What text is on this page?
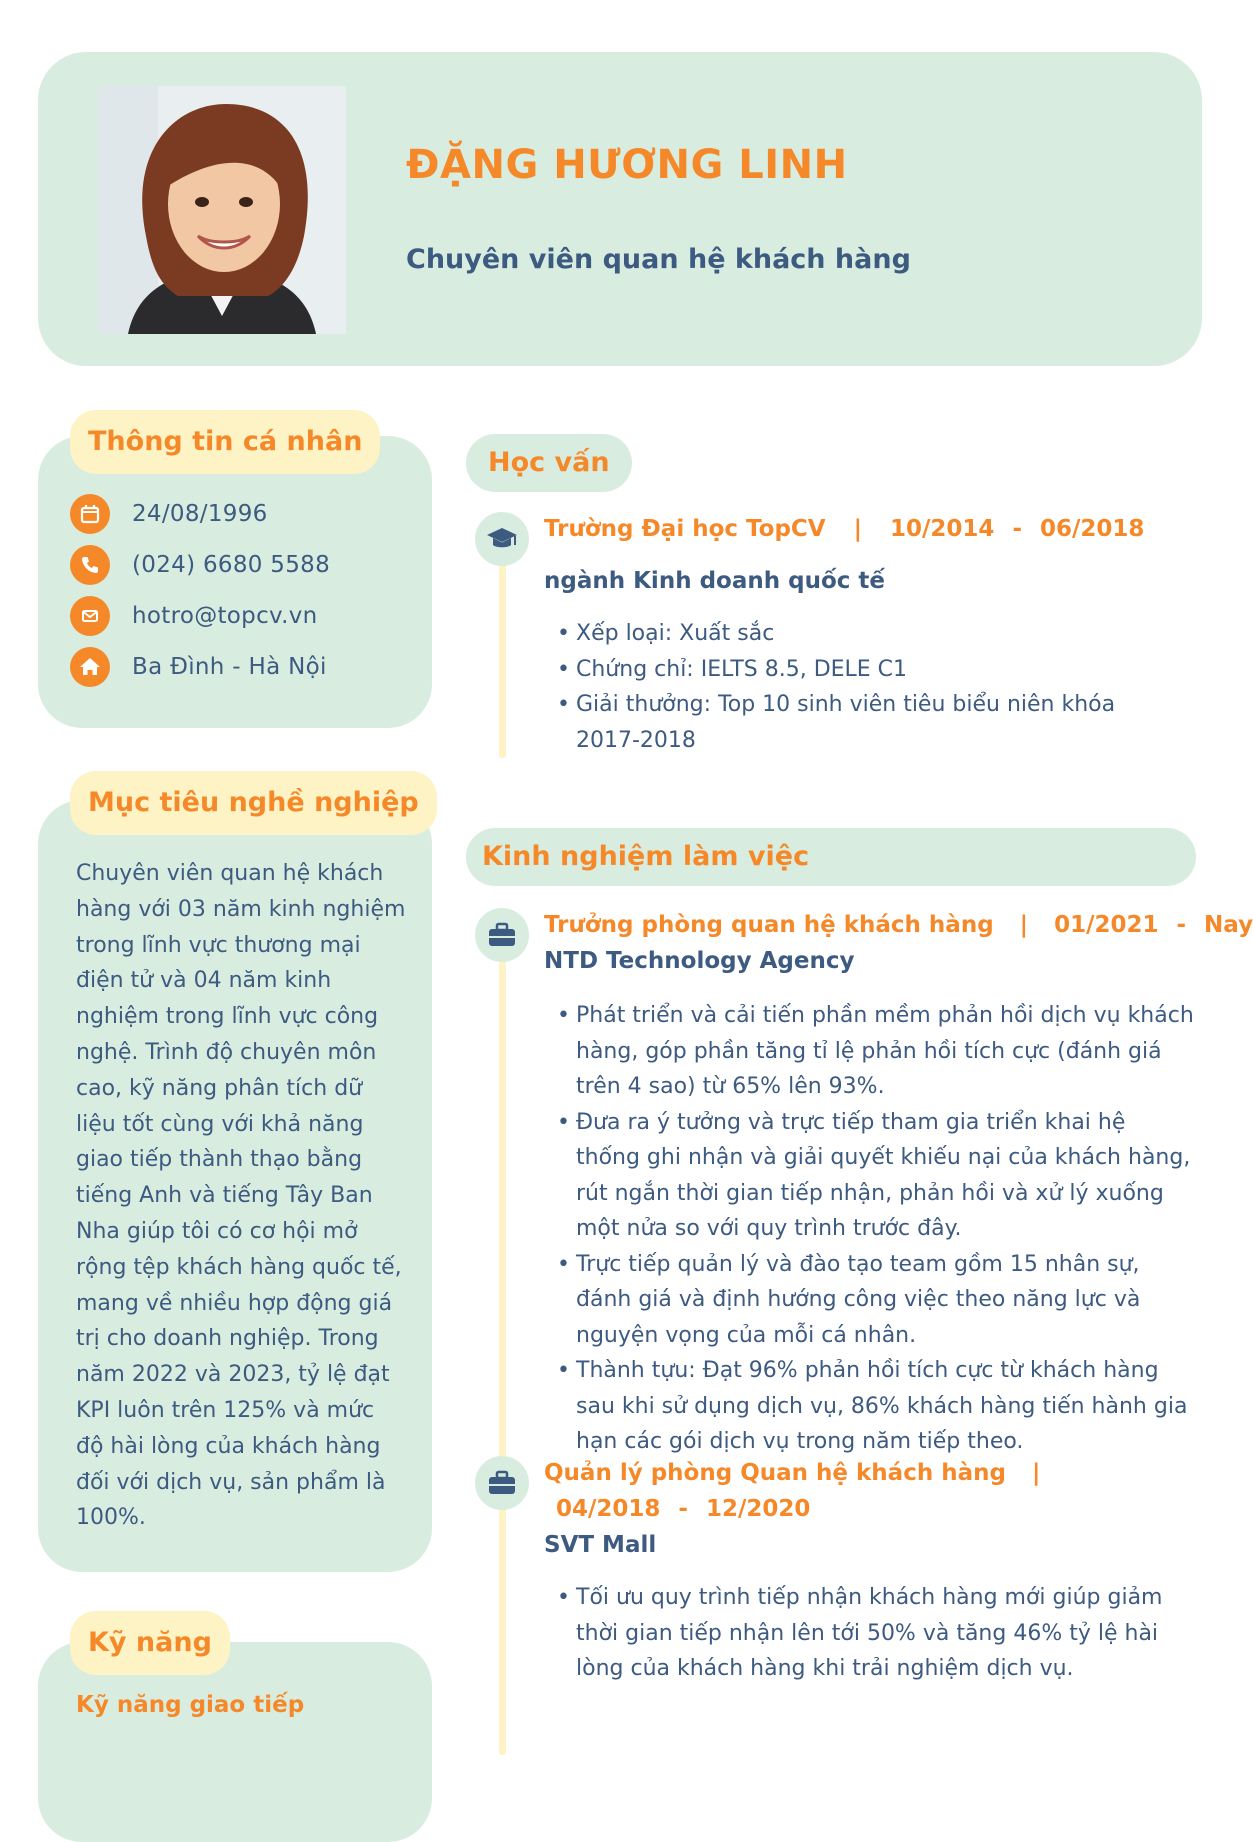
ĐẶNG HƯƠNG LINH
Chuyên viên quan hệ khách hàng
Thông tin cá nhân
24/08/1996
(024) 6680 5588
hotro@topcv.vn
Ba Đình - Hà Nội
Mục tiêu nghề nghiệp
Chuyên viên quan hệ khách hàng với 03 năm kinh nghiệm trong lĩnh vực thương mại điện tử và 04 năm kinh nghiệm trong lĩnh vực công nghệ. Trình độ chuyên môn cao, kỹ năng phân tích dữ liệu tốt cùng với khả năng giao tiếp thành thạo bằng tiếng Anh và tiếng Tây Ban Nha giúp tôi có cơ hội mở rộng tệp khách hàng quốc tế, mang về nhiều hợp động giá trị cho doanh nghiệp. Trong năm 2022 và 2023, tỷ lệ đạt KPI luôn trên 125% và mức độ hài lòng của khách hàng đối với dịch vụ, sản phẩm là 100%.
Kỹ năng
Kỹ năng giao tiếp
Học vấn
Trường Đại học TopCV | 10/2014 - 06/2018
ngành Kinh doanh quốc tế
• Xếp loại: Xuất sắc
• Chứng chỉ: IELTS 8.5, DELE C1
• Giải thưởng: Top 10 sinh viên tiêu biểu niên khóa 2017-2018
Kinh nghiệm làm việc
Trưởng phòng quan hệ khách hàng | 01/2021 - Nay
NTD Technology Agency
• Phát triển và cải tiến phần mềm phản hồi dịch vụ khách hàng, góp phần tăng tỉ lệ phản hồi tích cực (đánh giá trên 4 sao) từ 65% lên 93%.
• Đưa ra ý tưởng và trực tiếp tham gia triển khai hệ thống ghi nhận và giải quyết khiếu nại của khách hàng, rút ngắn thời gian tiếp nhận, phản hồi và xử lý xuống một nửa so với quy trình trước đây.
• Trực tiếp quản lý và đào tạo team gồm 15 nhân sự, đánh giá và định hướng công việc theo năng lực và nguyện vọng của mỗi cá nhân.
• Thành tựu: Đạt 96% phản hồi tích cực từ khách hàng sau khi sử dụng dịch vụ, 86% khách hàng tiến hành gia hạn các gói dịch vụ trong năm tiếp theo.
Quản lý phòng Quan hệ khách hàng |
04/2018 - 12/2020
SVT Mall
• Tối ưu quy trình tiếp nhận khách hàng mới giúp giảm thời gian tiếp nhận lên tới 50% và tăng 46% tỷ lệ hài lòng của khách hàng khi trải nghiệm dịch vụ.
